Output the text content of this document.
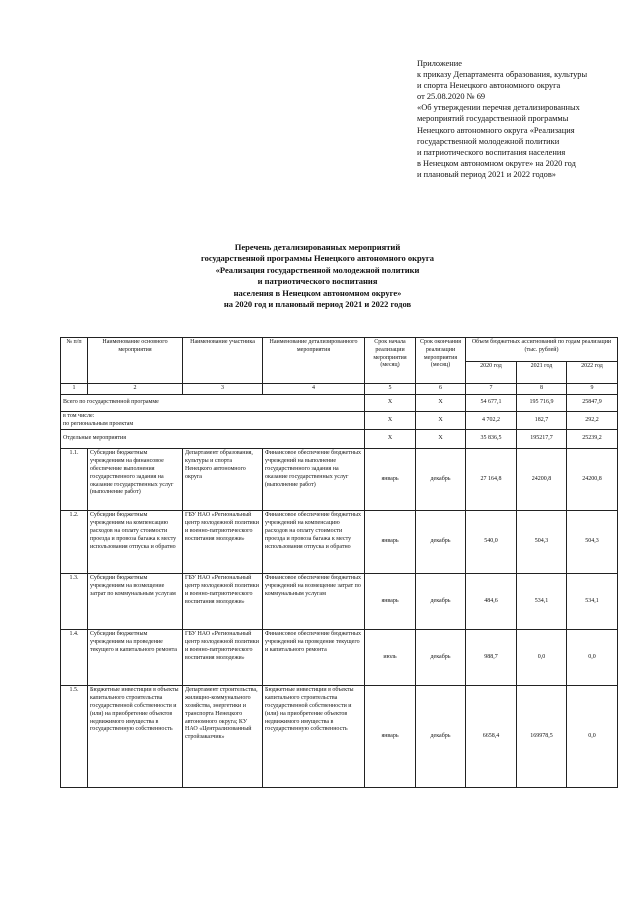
Приложение
к приказу Департамента образования, культуры
и спорта Ненецкого автономного округа
от 25.08.2020 № 69
«Об утверждении перечня детализированных
мероприятий государственной программы
Ненецкого автономного округа «Реализация
государственной молодежной политики
и патриотического воспитания населения
в Ненецком автономном округе» на 2020 год
и плановый период 2021 и 2022 годов»
Перечень детализированных мероприятий
государственной программы Ненецкого автономного округа
«Реализация государственной молодежной политики
и патриотического воспитания
населения в Ненецком автономном округе»
на 2020 год и плановый период 2021 и 2022 годов
№ п/п	Наименование основного мероприятия	Наименование участника	Наименование детализированного мероприятия	Срок начала реализации мероприятия (месяц)	Срок окончания реализации мероприятия (месяц)	Объем бюджетных ассигнований по годам реализации (тыс. рублей)		
						2020 год	2021 год	2022 год
1	2	3	4	5	6	7	8	9
Всего по государственной программе				Х	Х	54 677,1	195 716,9	25847,9
в том числе:
по региональным проектам				Х	Х	4 702,2	182,7	292,2
Отдельные мероприятия				Х	Х	35 836,5	195217,7	25239,2
1.1.	Субсидии бюджетным учреждениям на финансовое обеспечение выполнения государственного задания на оказание государственных услуг (выполнение работ)	Департамент образования, культуры и спорта Ненецкого автономного округа	Финансовое обеспечение бюджетных учреждений на выполнение государственного задания на оказание государственных услуг (выполнение работ)	январь	декабрь	27 164,8	24200,8	24200,8
1.2.	Субсидии бюджетным учреждениям на компенсацию расходов на оплату стоимости проезда и провоза багажа к месту использования отпуска и обратно	ГБУ НАО «Региональный центр молодежной политики и военно-патриотического воспитания молодежи»	Финансовое обеспечение бюджетных учреждений на компенсацию расходов на оплату стоимости проезда и провоза багажа к месту использования отпуска и обратно	январь	декабрь	540,0	504,3	504,3
1.3.	Субсидии бюджетным учреждениям на возмещение затрат по коммунальным услугам	ГБУ НАО «Региональный центр молодежной политики и военно-патриотического воспитания молодежи»	Финансовое обеспечение бюджетных учреждений на возмещение затрат по коммунальным услугам	январь	декабрь	484,6	534,1	534,1
1.4.	Субсидии бюджетным учреждениям на проведение текущего и капитального ремонта	ГБУ НАО «Региональный центр молодежной политики и военно-патриотического воспитания молодежи»	Финансовое обеспечение бюджетных учреждений на проведение текущего и капитального ремонта	июль	декабрь	988,7	0,0	0,0
1.5.	Бюджетные инвестиции в объекты капитального строительства государственной собственности и (или) на приобретение объектов недвижимого имущества в государственную собственность	Департамент строительства, жилищно-коммунального хозяйства, энергетики и транспорта Ненецкого автономного округа; КУ НАО «Централизованный стройзаказчик»	Бюджетные инвестиции в объекты капитального строительства государственной собственности и (или) на приобретение объектов недвижимого имущества в государственную собственность	январь	декабрь	6658,4	169978,5	0,0
